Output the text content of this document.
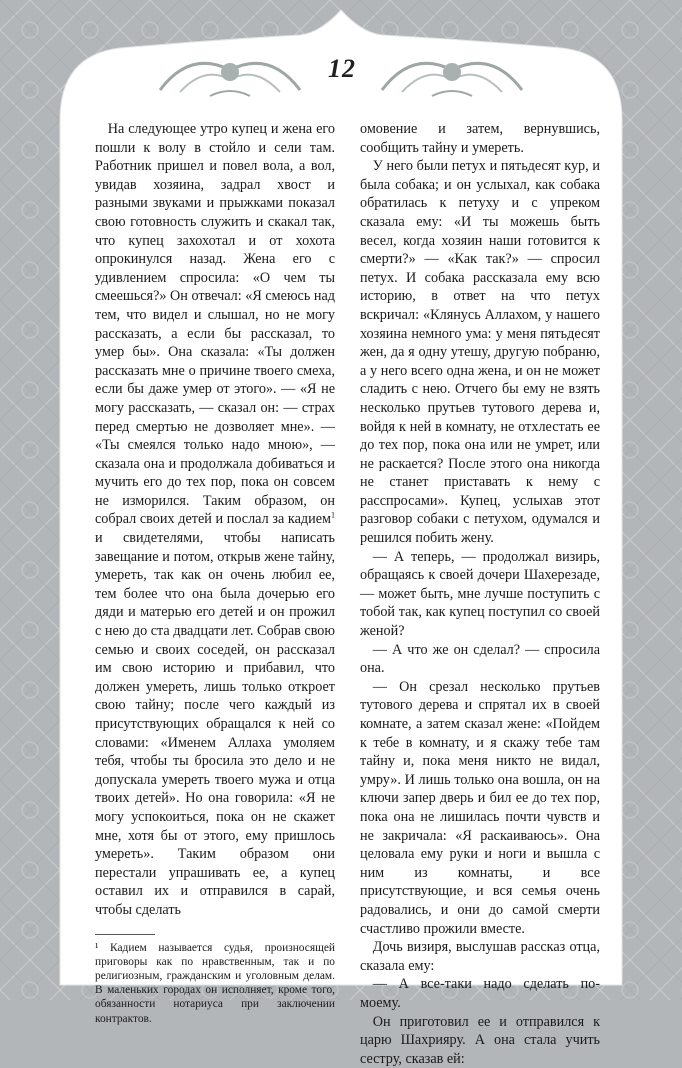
12

На следующее утро купец и жена его пошли к волу в стойло и сели там. Работник пришел и повел вола, а вол, увидав хозяина, задрал хвост и разными звуками и прыжками показал свою готовность служить и скакал так, что купец захохотал и от хохота опрокинулся назад. Жена его с удивлением спросила: «О чем ты смеешься?» Он отвечал: «Я смеюсь над тем, что видел и слышал, но не могу рассказать, а если бы рассказал, то умер бы». Она сказала: «Ты должен рассказать мне о причине твоего смеха, если бы даже умер от этого». — «Я не могу рассказать, — сказал он: — страх перед смертью не дозволяет мне». — «Ты смеялся только надо мною», — сказала она и продолжала добиваться и мучить его до тех пор, пока он совсем не изморился. Таким образом, он собрал своих детей и послал за кадием$^1$ и свидетелями, чтобы написать завещание и потом, открыв жене тайну, умереть, так как он очень любил ее, тем более что она была дочерью его дяди и матерью его детей и он прожил с нею до ста двадцати лет. Собрав свою семью и своих соседей, он рассказал им свою историю и прибавил, что должен умереть, лишь только откроет свою тайну; после чего каждый из присутствующих обращался к ней со словами: «Именем Аллаха умоляем тебя, чтобы ты бросила это дело и не допускала умереть твоего мужа и отца твоих детей». Но она говорила: «Я не могу успокоиться, пока он не скажет мне, хотя бы от этого, ему пришлось умереть». Таким образом они перестали упрашивать ее, а купец оставил их и отправился в сарай, чтобы сделать

¹ Кадием называется судья, произносящей приговоры как по нравственным, так и по религиозным, гражданским и уголовным делам. В маленьких городах он исполняет, кроме того, обязанности нотариуса при заключении контрактов.

омовение и затем, вернувшись, сообщить тайну и умереть.

У него были петух и пятьдесят кур, и была собака; и он услыхал, как собака обратилась к петуху и с упреком сказала ему: «И ты можешь быть весел, когда хозяин наши готовится к смерти?» — «Как так?» — спросил петух. И собака рассказала ему всю историю, в ответ на что петух вскричал: «Клянусь Аллахом, у нашего хозяина немного ума: у меня пятьдесят жен, да я одну утешу, другую побраню, а у него всего одна жена, и он не может сладить с нею. Отчего бы ему не взять несколько прутьев тутового дерева и, войдя к ней в комнату, не отхлестать ее до тех пор, пока она или не умрет, или не раскается? После этого она никогда не станет приставать к нему с расспросами». Купец, услыхав этот разговор собаки с петухом, одумался и решился побить жену.

— А теперь, — продолжал визирь, обращаясь к своей дочери Шахерезаде, — может быть, мне лучше поступить с тобой так, как купец поступил со своей женой?

— А что же он сделал? — спросила она.

— Он срезал несколько прутьев тутового дерева и спрятал их в своей комнате, а затем сказал жене: «Пойдем к тебе в комнату, и я скажу тебе там тайну и, пока меня никто не видал, умру». И лишь только она вошла, он на ключи запер дверь и бил ее до тех пор, пока она не лишилась почти чувств и не закричала: «Я раскаиваюсь». Она целовала ему руки и ноги и вышла с ним из комнаты, и все присутствующие, и вся семья очень радовались, и они до самой смерти счастливо прожили вместе.

Дочь визиря, выслушав рассказ отца, сказала ему:

— А все-таки надо сделать по-моему.

Он приготовил ее и отправился к царю Шахрияру. А она стала учить сестру, сказав ей:
